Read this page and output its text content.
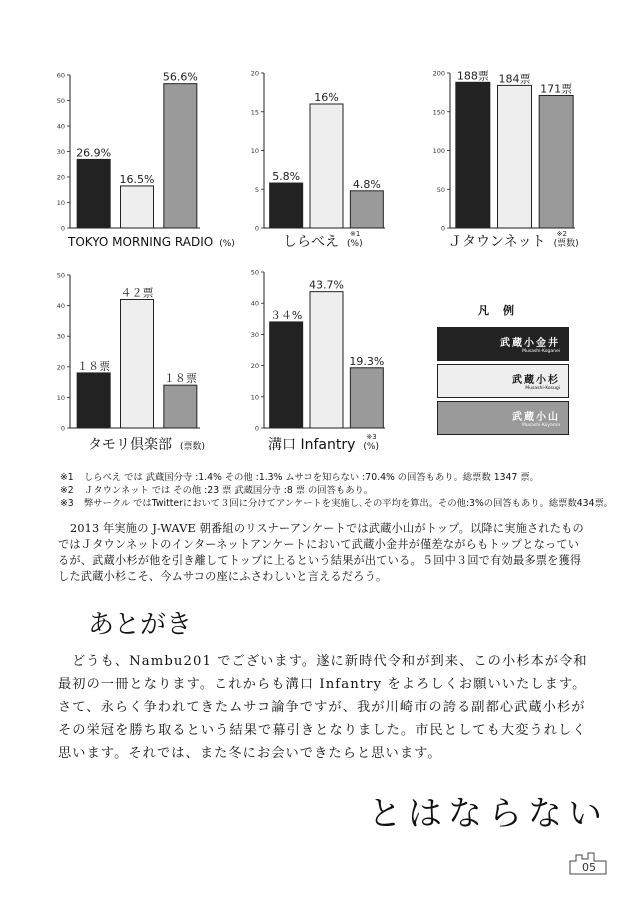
0
10
20
30
40
50
60
26.9%
16.5%
56.6%
TOKYO MORNING RADIO (%)
0
5
10
15
20
5.8%
16%
4.8%
しらべえ ※1
(%)
0
50
100
150
200 188票 184票
171票
Ｊタウンネット ※2
(票数)
0
10
20
30
40
50
１８票
４２票
１８票
タモリ倶楽部 (票数)
0
10
20
30
40
50
３４%
43.7%
19.3%
溝口 Infantry ※3
(%)
凡例
武蔵小金井
Musashi-Koganei
武蔵小杉
Musashi-Kosugi
武蔵小山
Musashi-Koyama
※1 しらべえ では 武蔵国分寺 :1.4% その他 :1.3% ムサコを知らない :70.4% の回答もあり。総票数 1347 票。
※2 Ｊタウンネット では その他 :23 票 武蔵国分寺 :8 票 の回答もあり。
※3 弊サークル ではTwitterにおいて３回に分けてアンケートを実施し､その平均を算出。その他:3%の回答もあり。総票数434票。
2013 年実施の J-WAVE 朝番組のリスナーアンケートでは武蔵小山がトップ。以降に実施されたものではＪタウンネットのインターネットアンケートにおいて武蔵小金井が僅差ながらもトップとなっているが、武蔵小杉が他を引き離してトップに上るという結果が出ている。５回中３回で有効最多票を獲得した武蔵小杉こそ、今ムサコの座にふさわしいと言えるだろう。
あとがき
どうも、Nambu201 でございます。遂に新時代令和が到来、この小杉本が令和最初の一冊となります。これからも溝口 Infantry をよろしくお願いいたします。さて、永らく争われてきたムサコ論争ですが、我が川崎市の誇る副都心武蔵小杉がその栄冠を勝ち取るという結果で幕引きとなりました。市民としても大変うれしく思います。それでは、また冬にお会いできたらと思います。
とはならない
05
